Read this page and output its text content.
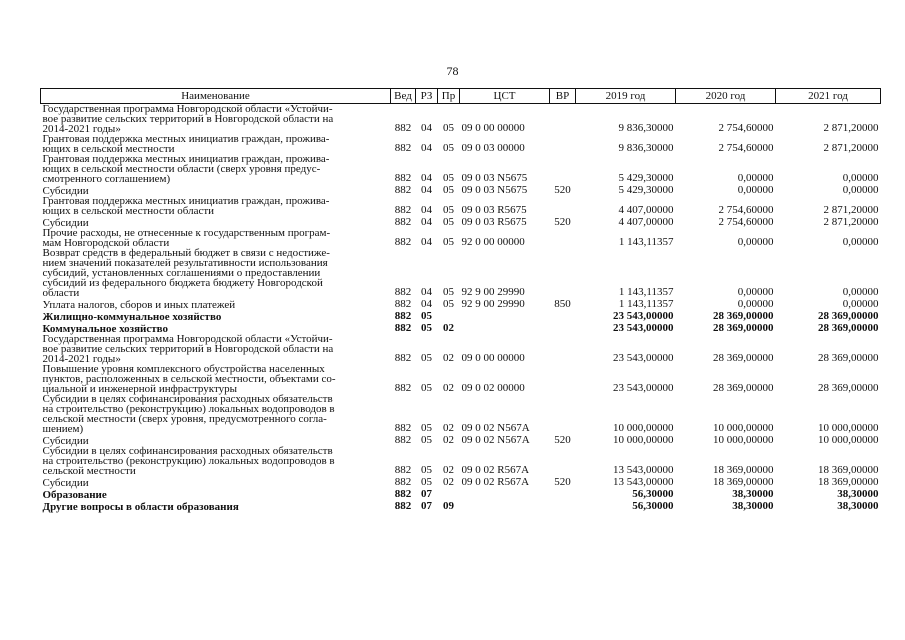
78
Наименование	Вед	РЗ	Пр	ЦСТ	ВР	2019 год	2020 год	2021 год
Государственная программа Новгородской области «Устойчи-
вое развитие сельских территорий в Новгородской области на
2014-2021 годы»	882	04	05	09 0 00 00000		9 836,30000	2 754,60000	2 871,20000
Грантовая поддержка местных инициатив граждан, прожива-
ющих в сельской местности	882	04	05	09 0 03 00000		9 836,30000	2 754,60000	2 871,20000
Грантовая поддержка местных инициатив граждан, прожива-
ющих в сельской местности области (сверх уровня предус-
смотренного соглашением)	882	04	05	09 0 03 N5675		5 429,30000	0,00000	0,00000
Субсидии	882	04	05	09 0 03 N5675	520	5 429,30000	0,00000	0,00000
Грантовая поддержка местных инициатив граждан, прожива-
ющих в сельской местности области	882	04	05	09 0 03 R5675		4 407,00000	2 754,60000	2 871,20000
Субсидии	882	04	05	09 0 03 R5675	520	4 407,00000	2 754,60000	2 871,20000
Прочие расходы, не отнесенные к государственным програм-
мам Новгородской области	882	04	05	92 0 00 00000		1 143,11357	0,00000	0,00000
Возврат средств в федеральный бюджет в связи с недостиже-
нием значений показателей результативности использования
субсидий, установленных соглашениями о предоставлении
субсидий из федерального бюджета бюджету Новгородской
области	882	04	05	92 9 00 29990		1 143,11357	0,00000	0,00000
Уплата налогов, сборов и иных платежей	882	04	05	92 9 00 29990	850	1 143,11357	0,00000	0,00000
Жилищно-коммунальное хозяйство	882	05				23 543,00000	28 369,00000	28 369,00000
Коммунальное хозяйство	882	05	02			23 543,00000	28 369,00000	28 369,00000
Государственная программа Новгородской области «Устойчи-
вое развитие сельских территорий в Новгородской области на
2014-2021 годы»	882	05	02	09 0 00 00000		23 543,00000	28 369,00000	28 369,00000
Повышение уровня комплексного обустройства населенных
пунктов, расположенных в сельской местности, объектами со-
циальной и инженерной инфраструктуры	882	05	02	09 0 02 00000		23 543,00000	28 369,00000	28 369,00000
Субсидии в целях софинансирования расходных обязательств
на строительство (реконструкцию) локальных водопроводов в
сельской местности (сверх уровня, предусмотренного согла-
шением)	882	05	02	09 0 02 N567A		10 000,00000	10 000,00000	10 000,00000
Субсидии	882	05	02	09 0 02 N567A	520	10 000,00000	10 000,00000	10 000,00000
Субсидии в целях софинансирования расходных обязательств
на строительство (реконструкцию) локальных водопроводов в
сельской местности	882	05	02	09 0 02 R567A		13 543,00000	18 369,00000	18 369,00000
Субсидии	882	05	02	09 0 02 R567A	520	13 543,00000	18 369,00000	18 369,00000
Образование	882	07				56,30000	38,30000	38,30000
Другие вопросы в области образования	882	07	09			56,30000	38,30000	38,30000
